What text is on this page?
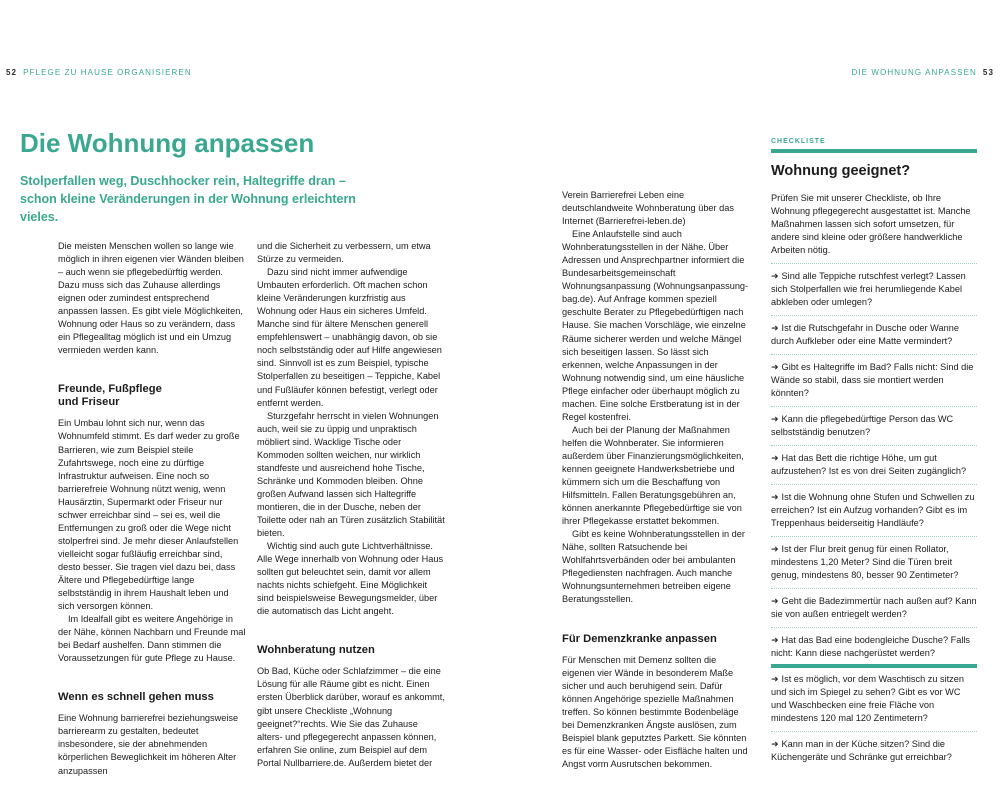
52 PFLEGE ZU HAUSE ORGANISIEREN	DIE WOHNUNG ANPASSEN 53
Die Wohnung anpassen

Stolperfallen weg, Duschhocker rein, Haltegriffe dran – schon kleine Veränderungen in der Wohnung erleichtern vieles.

Die meisten Menschen wollen so lange wie möglich in ihren eigenen vier Wänden bleiben – auch wenn sie pflegebedürftig werden. Dazu muss sich das Zuhause allerdings eignen oder zumindest entsprechend anpassen lassen. Es gibt viele Möglichkeiten, Wohnung oder Haus so zu verändern, dass ein Pflegealltag möglich ist und ein Umzug vermieden werden kann.

Freunde, Fußpflege und Friseur

Ein Umbau lohnt sich nur, wenn das Wohnumfeld stimmt. Es darf weder zu große Barrieren, wie zum Beispiel steile Zufahrtswege, noch eine zu dürftige Infrastruktur aufweisen. Eine noch so barrierefreie Wohnung nützt wenig, wenn Hausärztin, Supermarkt oder Friseur nur schwer erreichbar sind – sei es, weil die Entfernungen zu groß oder die Wege nicht stolperfrei sind. Je mehr dieser Anlaufstellen vielleicht sogar fußläufig erreichbar sind, desto besser. Sie tragen viel dazu bei, dass Ältere und Pflegebedürftige lange selbstständig in ihrem Haushalt leben und sich versorgen können.

Im Idealfall gibt es weitere Angehörige in der Nähe, können Nachbarn und Freunde mal bei Bedarf aushelfen. Dann stimmen die Voraussetzungen für gute Pflege zu Hause.

Wenn es schnell gehen muss

Eine Wohnung barrierefrei beziehungsweise barrierearm zu gestalten, bedeutet insbesondere, sie der abnehmenden körperlichen Beweglichkeit im höheren Alter anzupassen

und die Sicherheit zu verbessern, um etwa Stürze zu vermeiden.

Dazu sind nicht immer aufwendige Umbauten erforderlich. Oft machen schon kleine Veränderungen kurzfristig aus Wohnung oder Haus ein sicheres Umfeld. Manche sind für ältere Menschen generell empfehlenswert – unabhängig davon, ob sie noch selbstständig oder auf Hilfe angewiesen sind. Sinnvoll ist es zum Beispiel, typische Stolperfallen zu beseitigen – Teppiche, Kabel und Fußläufer können befestigt, verlegt oder entfernt werden.

Sturzgefahr herrscht in vielen Wohnungen auch, weil sie zu üppig und unpraktisch möbliert sind. Wacklige Tische oder Kommoden sollten weichen, nur wirklich standfeste und ausreichend hohe Tische, Schränke und Kommoden bleiben. Ohne großen Aufwand lassen sich Haltegriffe montieren, die in der Dusche, neben der Toilette oder nah an Türen zusätzlich Stabilität bieten.

Wichtig sind auch gute Lichtverhältnisse. Alle Wege innerhalb von Wohnung oder Haus sollten gut beleuchtet sein, damit vor allem nachts nichts schiefgeht. Eine Möglichkeit sind beispielsweise Bewegungsmelder, über die automatisch das Licht angeht.

Wohnberatung nutzen

Ob Bad, Küche oder Schlafzimmer – die eine Lösung für alle Räume gibt es nicht. Einen ersten Überblick darüber, worauf es ankommt, gibt unsere Checkliste „Wohnung geeignet?“rechts. Wie Sie das Zuhause alters- und pflegegerecht anpassen können, erfahren Sie online, zum Beispiel auf dem Portal Nullbarriere.de. Außerdem bietet der

Verein Barrierefrei Leben eine deutschlandweite Wohnberatung über das Internet (Barrierefrei-leben.de)

Eine Anlaufstelle sind auch Wohnberatungsstellen in der Nähe. Über Adressen und Ansprechpartner informiert die Bundesarbeitsgemeinschaft Wohnungsanpassung (Wohnungsanpassung-bag.de). Auf Anfrage kommen speziell geschulte Berater zu Pflegebedürftigen nach Hause. Sie machen Vorschläge, wie einzelne Räume sicherer werden und welche Mängel sich beseitigen lassen. So lässt sich erkennen, welche Anpassungen in der Wohnung notwendig sind, um eine häusliche Pflege einfacher oder überhaupt möglich zu machen. Eine solche Erstberatung ist in der Regel kostenfrei.

Auch bei der Planung der Maßnahmen helfen die Wohnberater. Sie informieren außerdem über Finanzierungsmöglichkeiten, kennen geeignete Handwerksbetriebe und kümmern sich um die Beschaffung von Hilfsmitteln. Fallen Beratungsgebühren an, können anerkannte Pflegebedürftige sie von ihrer Pflegekasse erstattet bekommen.

Gibt es keine Wohnberatungsstellen in der Nähe, sollten Ratsuchende bei Wohlfahrtsverbänden oder bei ambulanten Pflegediensten nachfragen. Auch manche Wohnungsunternehmen betreiben eigene Beratungsstellen.

Für Demenzkranke anpassen

Für Menschen mit Demenz sollten die eigenen vier Wände in besonderem Maße sicher und auch beruhigend sein. Dafür können Angehörige spezielle Maßnahmen treffen. So können bestimmte Bodenbeläge bei Demenzkranken Ängste auslösen, zum Beispiel blank geputztes Parkett. Sie könnten es für eine Wasser- oder Eisfläche halten und Angst vorm Ausrutschen bekommen.

CHECKLISTE
Wohnung geeignet?

Prüfen Sie mit unserer Checkliste, ob Ihre Wohnung pflegegerecht ausgestattet ist. Manche Maßnahmen lassen sich sofort umsetzen, für andere sind kleine oder größere handwerkliche Arbeiten nötig.

➜ Sind alle Teppiche rutschfest verlegt? Lassen sich Stolperfallen wie frei herumliegende Kabel abkleben oder umlegen?

➜ Ist die Rutschgefahr in Dusche oder Wanne durch Aufkleber oder eine Matte vermindert?

➜ Gibt es Haltegriffe im Bad? Falls nicht: Sind die Wände so stabil, dass sie montiert werden könnten?

➜ Kann die pflegebedürftige Person das WC selbstständig benutzen?

➜ Hat das Bett die richtige Höhe, um gut aufzustehen? Ist es von drei Seiten zugänglich?

➜ Ist die Wohnung ohne Stufen und Schwellen zu erreichen? Ist ein Aufzug vorhanden? Gibt es im Treppenhaus beiderseitig Handläufe?

➜ Ist der Flur breit genug für einen Rollator, mindestens 1,20 Meter? Sind die Türen breit genug, mindestens 80, besser 90 Zentimeter?

➜ Geht die Badezimmertür nach außen auf? Kann sie von außen entriegelt werden?

➜ Hat das Bad eine bodengleiche Dusche? Falls nicht: Kann diese nachgerüstet werden?

➜ Ist es möglich, vor dem Waschtisch zu sitzen und sich im Spiegel zu sehen? Gibt es vor WC und Waschbecken eine freie Fläche von mindestens 120 mal 120 Zentimetern?

➜ Kann man in der Küche sitzen? Sind die Küchengeräte und Schränke gut erreichbar?
